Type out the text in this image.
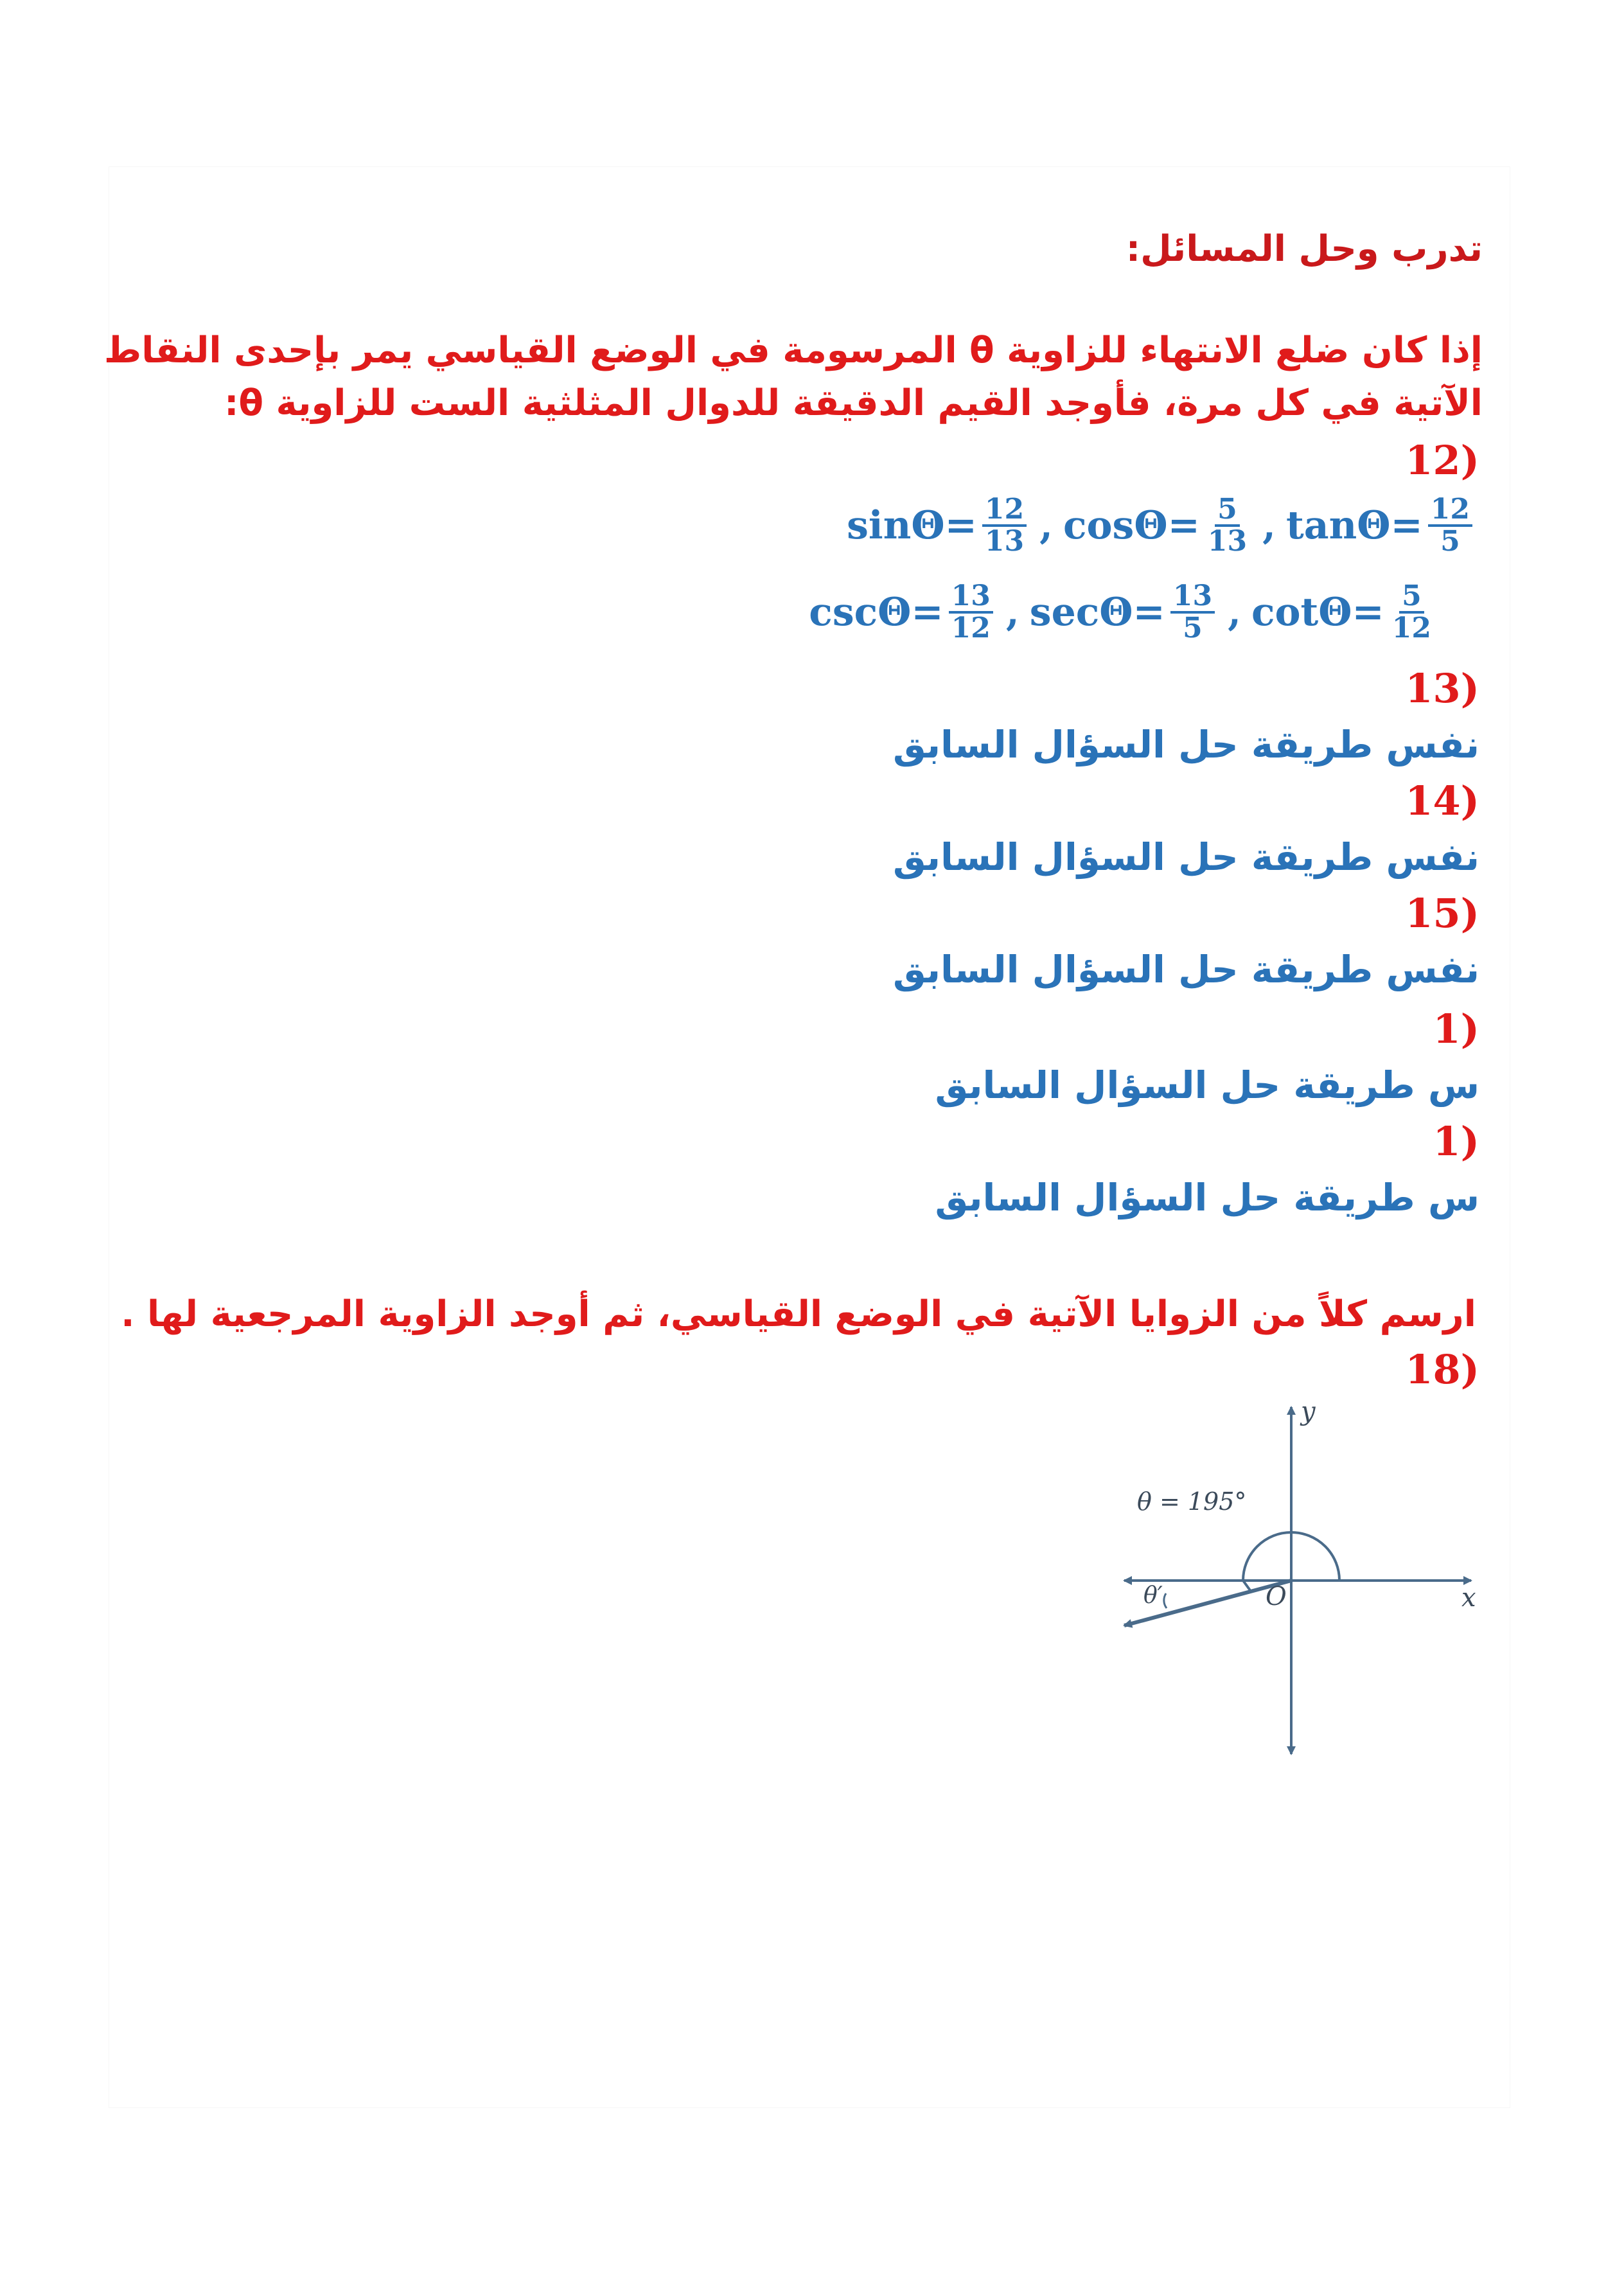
تدرب وحل المسائل:
إذا كان ضلع الانتهاء للزاوية θ المرسومة في الوضع القياسي يمر بإحدى النقاط
الآتية في كل مرة، فأوجد القيم الدقيقة للدوال المثلثية الست للزاوية θ:
(12
$\sin\Theta= \frac{12}{13}$ , $\cos\Theta= \frac{5}{13}$ , $\tan\Theta= \frac{12}{5}$
$\csc\Theta= \frac{13}{12}$ , $\sec\Theta= \frac{13}{5}$ , $\cot\Theta= \frac{5}{12}$
(13
نفس طريقة حل السؤال السابق
(14
نفس طريقة حل السؤال السابق
(15
نفس طريقة حل السؤال السابق
(1
س طريقة حل السؤال السابق
(1
س طريقة حل السؤال السابق
ارسم كلاً من الزوايا الآتية في الوضع القياسي، ثم أوجد الزاوية المرجعية لها .
(18
θ = 195°
θ′	O	x
y
